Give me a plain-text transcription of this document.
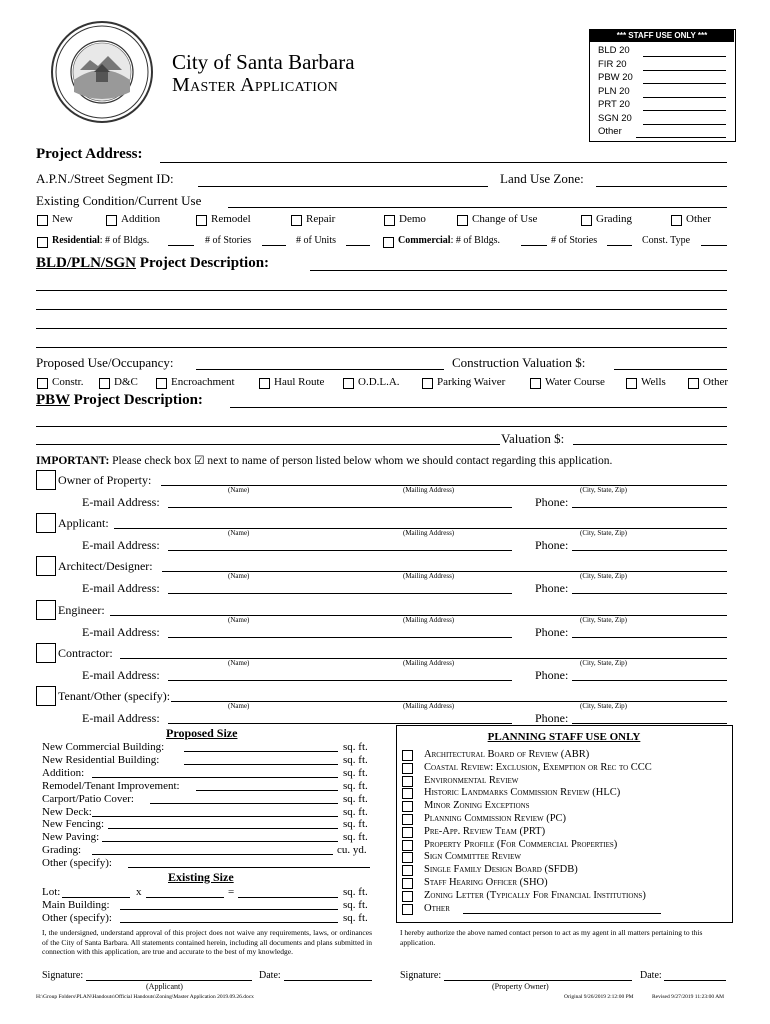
City of Santa Barbara
Master Application
*** STAFF USE ONLY ***
BLD 20
FIR 20
PBW 20
PLN 20
PRT 20
SGN 20
Other
Project Address:
A.P.N./Street Segment ID:	Land Use Zone:
Existing Condition/Current Use
New	Addition	Remodel	Repair	Demo	Change of Use	Grading	Other
Residential: # of Bldgs.	# of Stories	# of Units	Commercial: # of Bldgs.	# of Stories	Const. Type
BLD/PLN/SGN Project Description:
Proposed Use/Occupancy:	Construction Valuation $:
Constr.	D&C	Encroachment	Haul Route	O.D.L.A.	Parking Waiver	Water Course	Wells	Other
PBW Project Description:
Valuation $:
IMPORTANT: Please check box ☑ next to name of person listed below whom we should contact regarding this application.
Owner of Property:
(Name)	(Mailing Address)	(City, State, Zip)
E-mail Address:	Phone:
Applicant:
(Name)	(Mailing Address)	(City, State, Zip)
E-mail Address:	Phone:
Architect/Designer:
(Name)	(Mailing Address)	(City, State, Zip)
E-mail Address:	Phone:
Engineer:
(Name)	(Mailing Address)	(City, State, Zip)
E-mail Address:	Phone:
Contractor:
(Name)	(Mailing Address)	(City, State, Zip)
E-mail Address:	Phone:
Tenant/Other (specify):
(Name)	(Mailing Address)	(City, State, Zip)
E-mail Address:	Phone:
Proposed Size
New Commercial Building:	sq. ft.
New Residential Building:	sq. ft.
Addition:	sq. ft.
Remodel/Tenant Improvement:	sq. ft.
Carport/Patio Cover:	sq. ft.
New Deck:	sq. ft.
New Fencing:	sq. ft.
New Paving:	sq. ft.
Grading:	cu. yd.
Other (specify):
Existing Size
Lot:	x	=	sq. ft.
Main Building:	sq. ft.
Other (specify):	sq. ft.
PLANNING STAFF USE ONLY
Architectural Board of Review (ABR)
Coastal Review: Exclusion, Exemption or Rec to CCC
Environmental Review
Historic Landmarks Commission Review (HLC)
Minor Zoning Exceptions
Planning Commission Review (PC)
Pre-App. Review Team (PRT)
Property Profile (For Commercial Properties)
Sign Committee Review
Single Family Design Board (SFDB)
Staff Hearing Officer (SHO)
Zoning Letter (Typically For Financial Institutions)
Other
I, the undersigned, understand approval of this project does not waive any requirements, laws, or ordinances of the City of Santa Barbara. All statements contained herein, including all documents and plans submitted in connection with this application, are true and accurate to the best of my knowledge.
I hereby authorize the above named contact person to act as my agent in all matters pertaining to this application.
Signature:	Date:
(Applicant)
Signature:	Date:
(Property Owner)
H:\Group Folders\PLAN\Handouts\Official Handouts\Zoning\Master Application 2019.09.26.docx	Original 9/26/2019 2:12:00 PM	Revised 9/27/2019 11:23:00 AM
